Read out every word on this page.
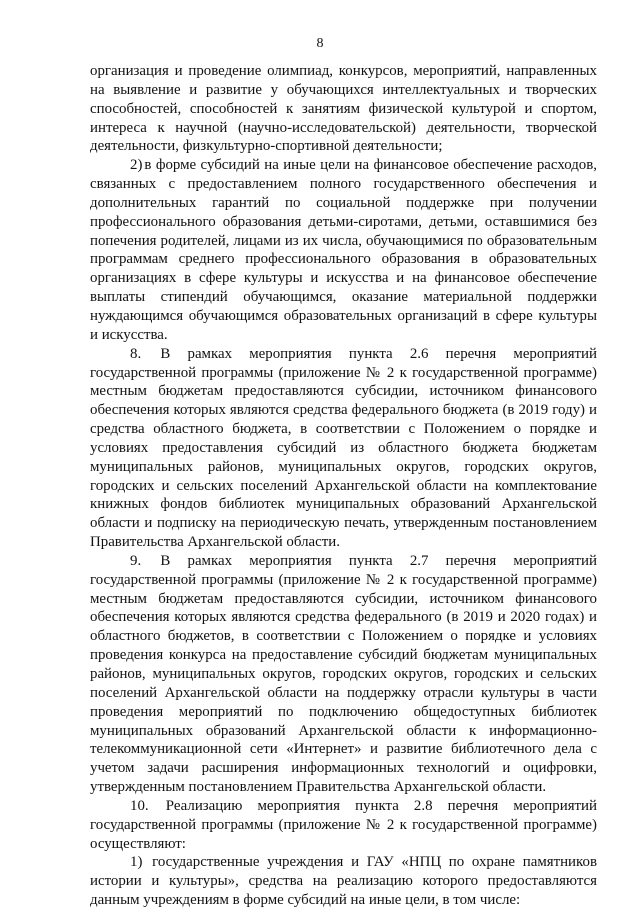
8

организация и проведение олимпиад, конкурсов, мероприятий, направленных на выявление и развитие у обучающихся интеллектуальных и творческих способностей, способностей к занятиям физической культурой и спортом, интереса к научной (научно-исследовательской) деятельности, творческой деятельности, физкультурно-спортивной деятельности;

2) в форме субсидий на иные цели на финансовое обеспечение расходов, связанных с предоставлением полного государственного обеспечения и дополнительных гарантий по социальной поддержке при получении профессионального образования детьми-сиротами, детьми, оставшимися без попечения родителей, лицами из их числа, обучающимися по образовательным программам среднего профессионального образования в образовательных организациях в сфере культуры и искусства и на финансовое обеспечение выплаты стипендий обучающимся, оказание материальной поддержки нуждающимся обучающимся образовательных организаций в сфере культуры и искусства.

8. В рамках мероприятия пункта 2.6 перечня мероприятий государственной программы (приложение № 2 к государственной программе) местным бюджетам предоставляются субсидии, источником финансового обеспечения которых являются средства федерального бюджета (в 2019 году) и средства областного бюджета, в соответствии с Положением о порядке и условиях предоставления субсидий из областного бюджета бюджетам муниципальных районов, муниципальных округов, городских округов, городских и сельских поселений Архангельской области на комплектование книжных фондов библиотек муниципальных образований Архангельской области и подписку на периодическую печать, утвержденным постановлением Правительства Архангельской области.

9. В рамках мероприятия пункта 2.7 перечня мероприятий государственной программы (приложение № 2 к государственной программе) местным бюджетам предоставляются субсидии, источником финансового обеспечения которых являются средства федерального (в 2019 и 2020 годах) и областного бюджетов, в соответствии с Положением о порядке и условиях проведения конкурса на предоставление субсидий бюджетам муниципальных районов, муниципальных округов, городских округов, городских и сельских поселений Архангельской области на поддержку отрасли культуры в части проведения мероприятий по подключению общедоступных библиотек муниципальных образований Архангельской области к информационно-телекоммуникационной сети «Интернет» и развитие библиотечного дела с учетом задачи расширения информационных технологий и оцифровки, утвержденным постановлением Правительства Архангельской области.

10. Реализацию мероприятия пункта 2.8 перечня мероприятий государственной программы (приложение № 2 к государственной программе) осуществляют:

1) государственные учреждения и ГАУ «НПЦ по охране памятников истории и культуры», средства на реализацию которого предоставляются данным учреждениям в форме субсидий на иные цели, в том числе:
